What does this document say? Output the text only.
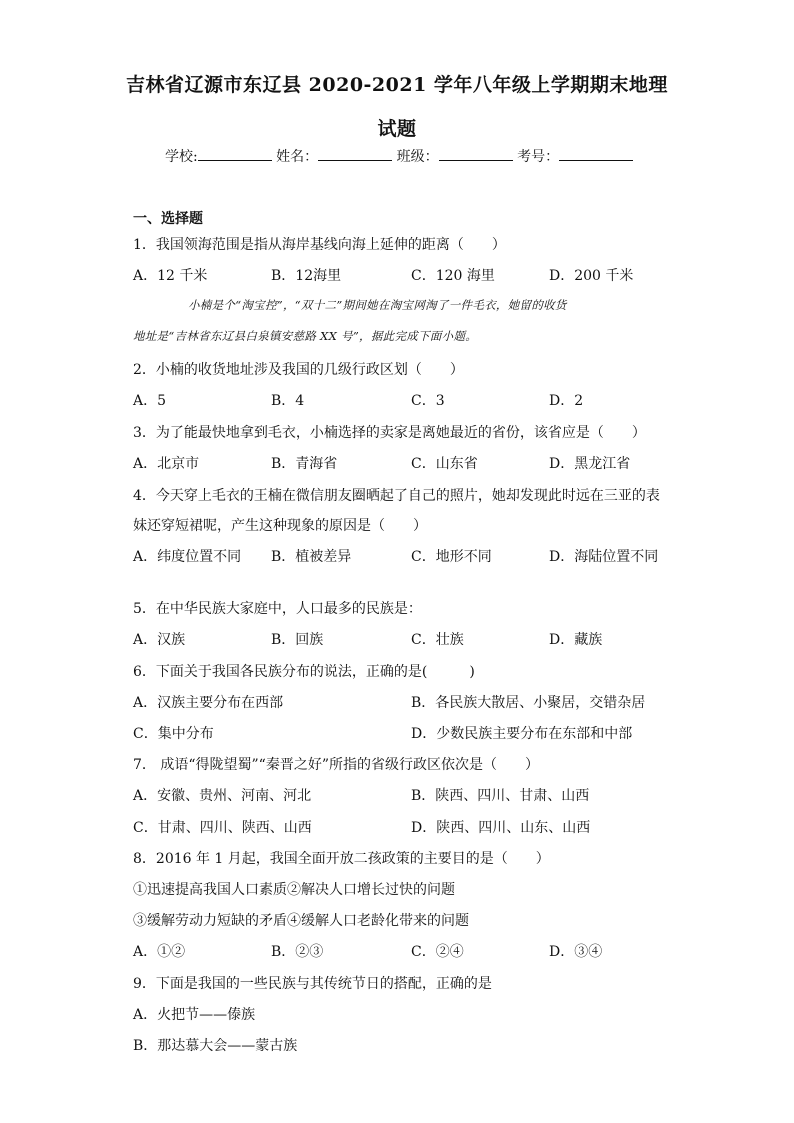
吉林省辽源市东辽县 2020-2021 学年八年级上学期期末地理
试题
学校:	姓名：	班级：	考号：
一、选择题
1．我国领海范围是指从海岸基线向海上延伸的距离（　　）
A．12 千米	B．12海里	C．120 海里	D．200 千米
小楠是个“淘宝控”，“双十二”期间她在淘宝网淘了一件毛衣，她留的收货
地址是“吉林省东辽县白泉镇安慈路 XX 号”，据此完成下面小题。
2．小楠的收货地址涉及我国的几级行政区划（　　）
A．5	B．4	C．3	D．2
3．为了能最快地拿到毛衣，小楠选择的卖家是离她最近的省份，该省应是（　　）
A．北京市	B．青海省	C．山东省	D．黑龙江省
4．今天穿上毛衣的王楠在微信朋友圈晒起了自己的照片，她却发现此时远在三亚的表
妹还穿短裙呢，产生这种现象的原因是（　　）
A．纬度位置不同 B．植被差异	C．地形不同	D．海陆位置不同
5．在中华民族大家庭中，人口最多的民族是：
A．汉族	B．回族	C．壮族	D．藏族
6．下面关于我国各民族分布的说法，正确的是(　　　)
A．汉族主要分布在西部	B．各民族大散居、小聚居，交错杂居
C．集中分布	D．少数民族主要分布在东部和中部
7． 成语“得陇望蜀”“秦晋之好”所指的省级行政区依次是（　　）
A．安徽、贵州、河南、河北	B．陕西、四川、甘肃、山西
C．甘肃、四川、陕西、山西	D．陕西、四川、山东、山西
8．2016 年 1 月起，我国全面开放二孩政策的主要目的是（　　）
①迅速提高我国人口素质②解决人口增长过快的问题
③缓解劳动力短缺的矛盾④缓解人口老龄化带来的问题
A．①②	B．②③	C．②④	D．③④
9．下面是我国的一些民族与其传统节日的搭配，正确的是
A．火把节——傣族
B．那达慕大会——蒙古族
